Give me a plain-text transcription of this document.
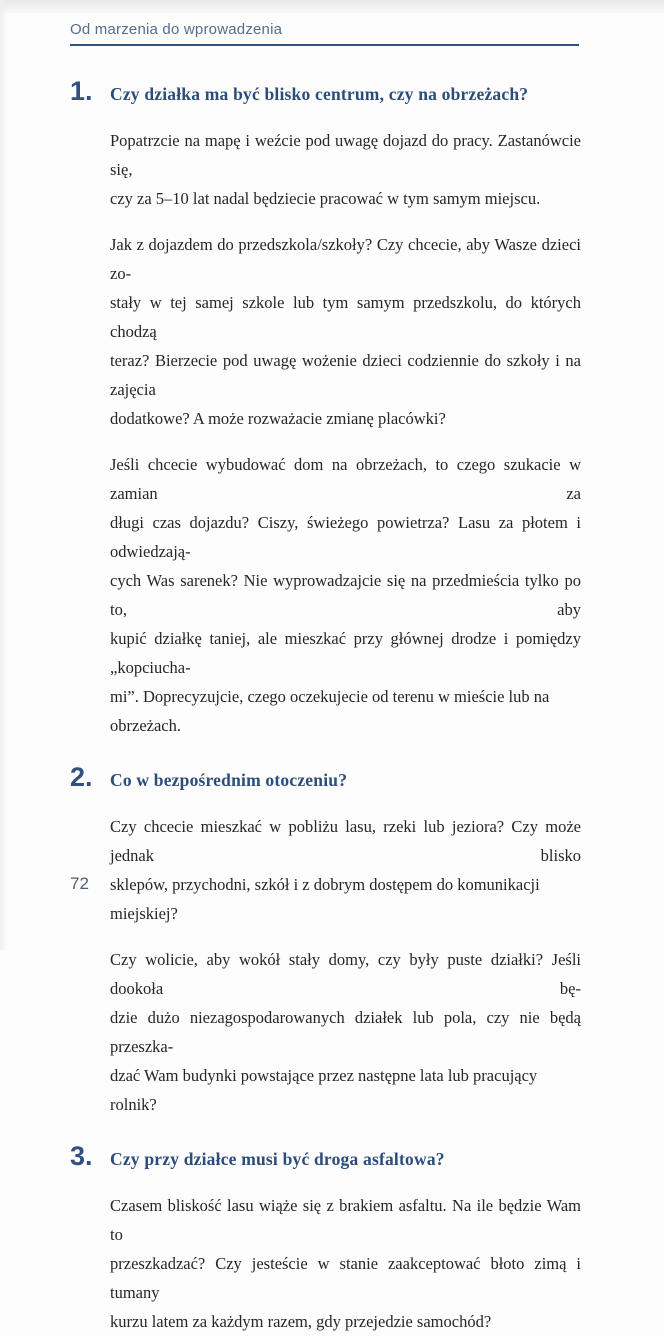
Od marzenia do wprowadzenia
1. Czy działka ma być blisko centrum, czy na obrzeżach?

Popatrzcie na mapę i weźcie pod uwagę dojazd do pracy. Zastanówcie się,
czy za 5–10 lat nadal będziecie pracować w tym samym miejscu.

Jak z dojazdem do przedszkola/szkoły? Czy chcecie, aby Wasze dzieci zo-
stały w tej samej szkole lub tym samym przedszkolu, do których chodzą
teraz? Bierzecie pod uwagę wożenie dzieci codziennie do szkoły i na zajęcia
dodatkowe? A może rozważacie zmianę placówki?

Jeśli chcecie wybudować dom na obrzeżach, to czego szukacie w zamian za
długi czas dojazdu? Ciszy, świeżego powietrza? Lasu za płotem i odwiedzają-
cych Was sarenek? Nie wyprowadzajcie się na przedmieścia tylko po to, aby
kupić działkę taniej, ale mieszkać przy głównej drodze i pomiędzy „kopciucha-
mi”. Doprecyzujcie, czego oczekujecie od terenu w mieście lub na obrzeżach.

2. Co w bezpośrednim otoczeniu?

Czy chcecie mieszkać w pobliżu lasu, rzeki lub jeziora? Czy może jednak blisko
sklepów, przychodni, szkół i z dobrym dostępem do komunikacji miejskiej?

Czy wolicie, aby wokół stały domy, czy były puste działki? Jeśli dookoła bę-
dzie dużo niezagospodarowanych działek lub pola, czy nie będą przeszka-
dzać Wam budynki powstające przez następne lata lub pracujący rolnik?

3. Czy przy działce musi być droga asfaltowa?

Czasem bliskość lasu wiąże się z brakiem asfaltu. Na ile będzie Wam to
przeszkadzać? Czy jesteście w stanie zaakceptować błoto zimą i tumany
kurzu latem za każdym razem, gdy przejedzie samochód?

72
